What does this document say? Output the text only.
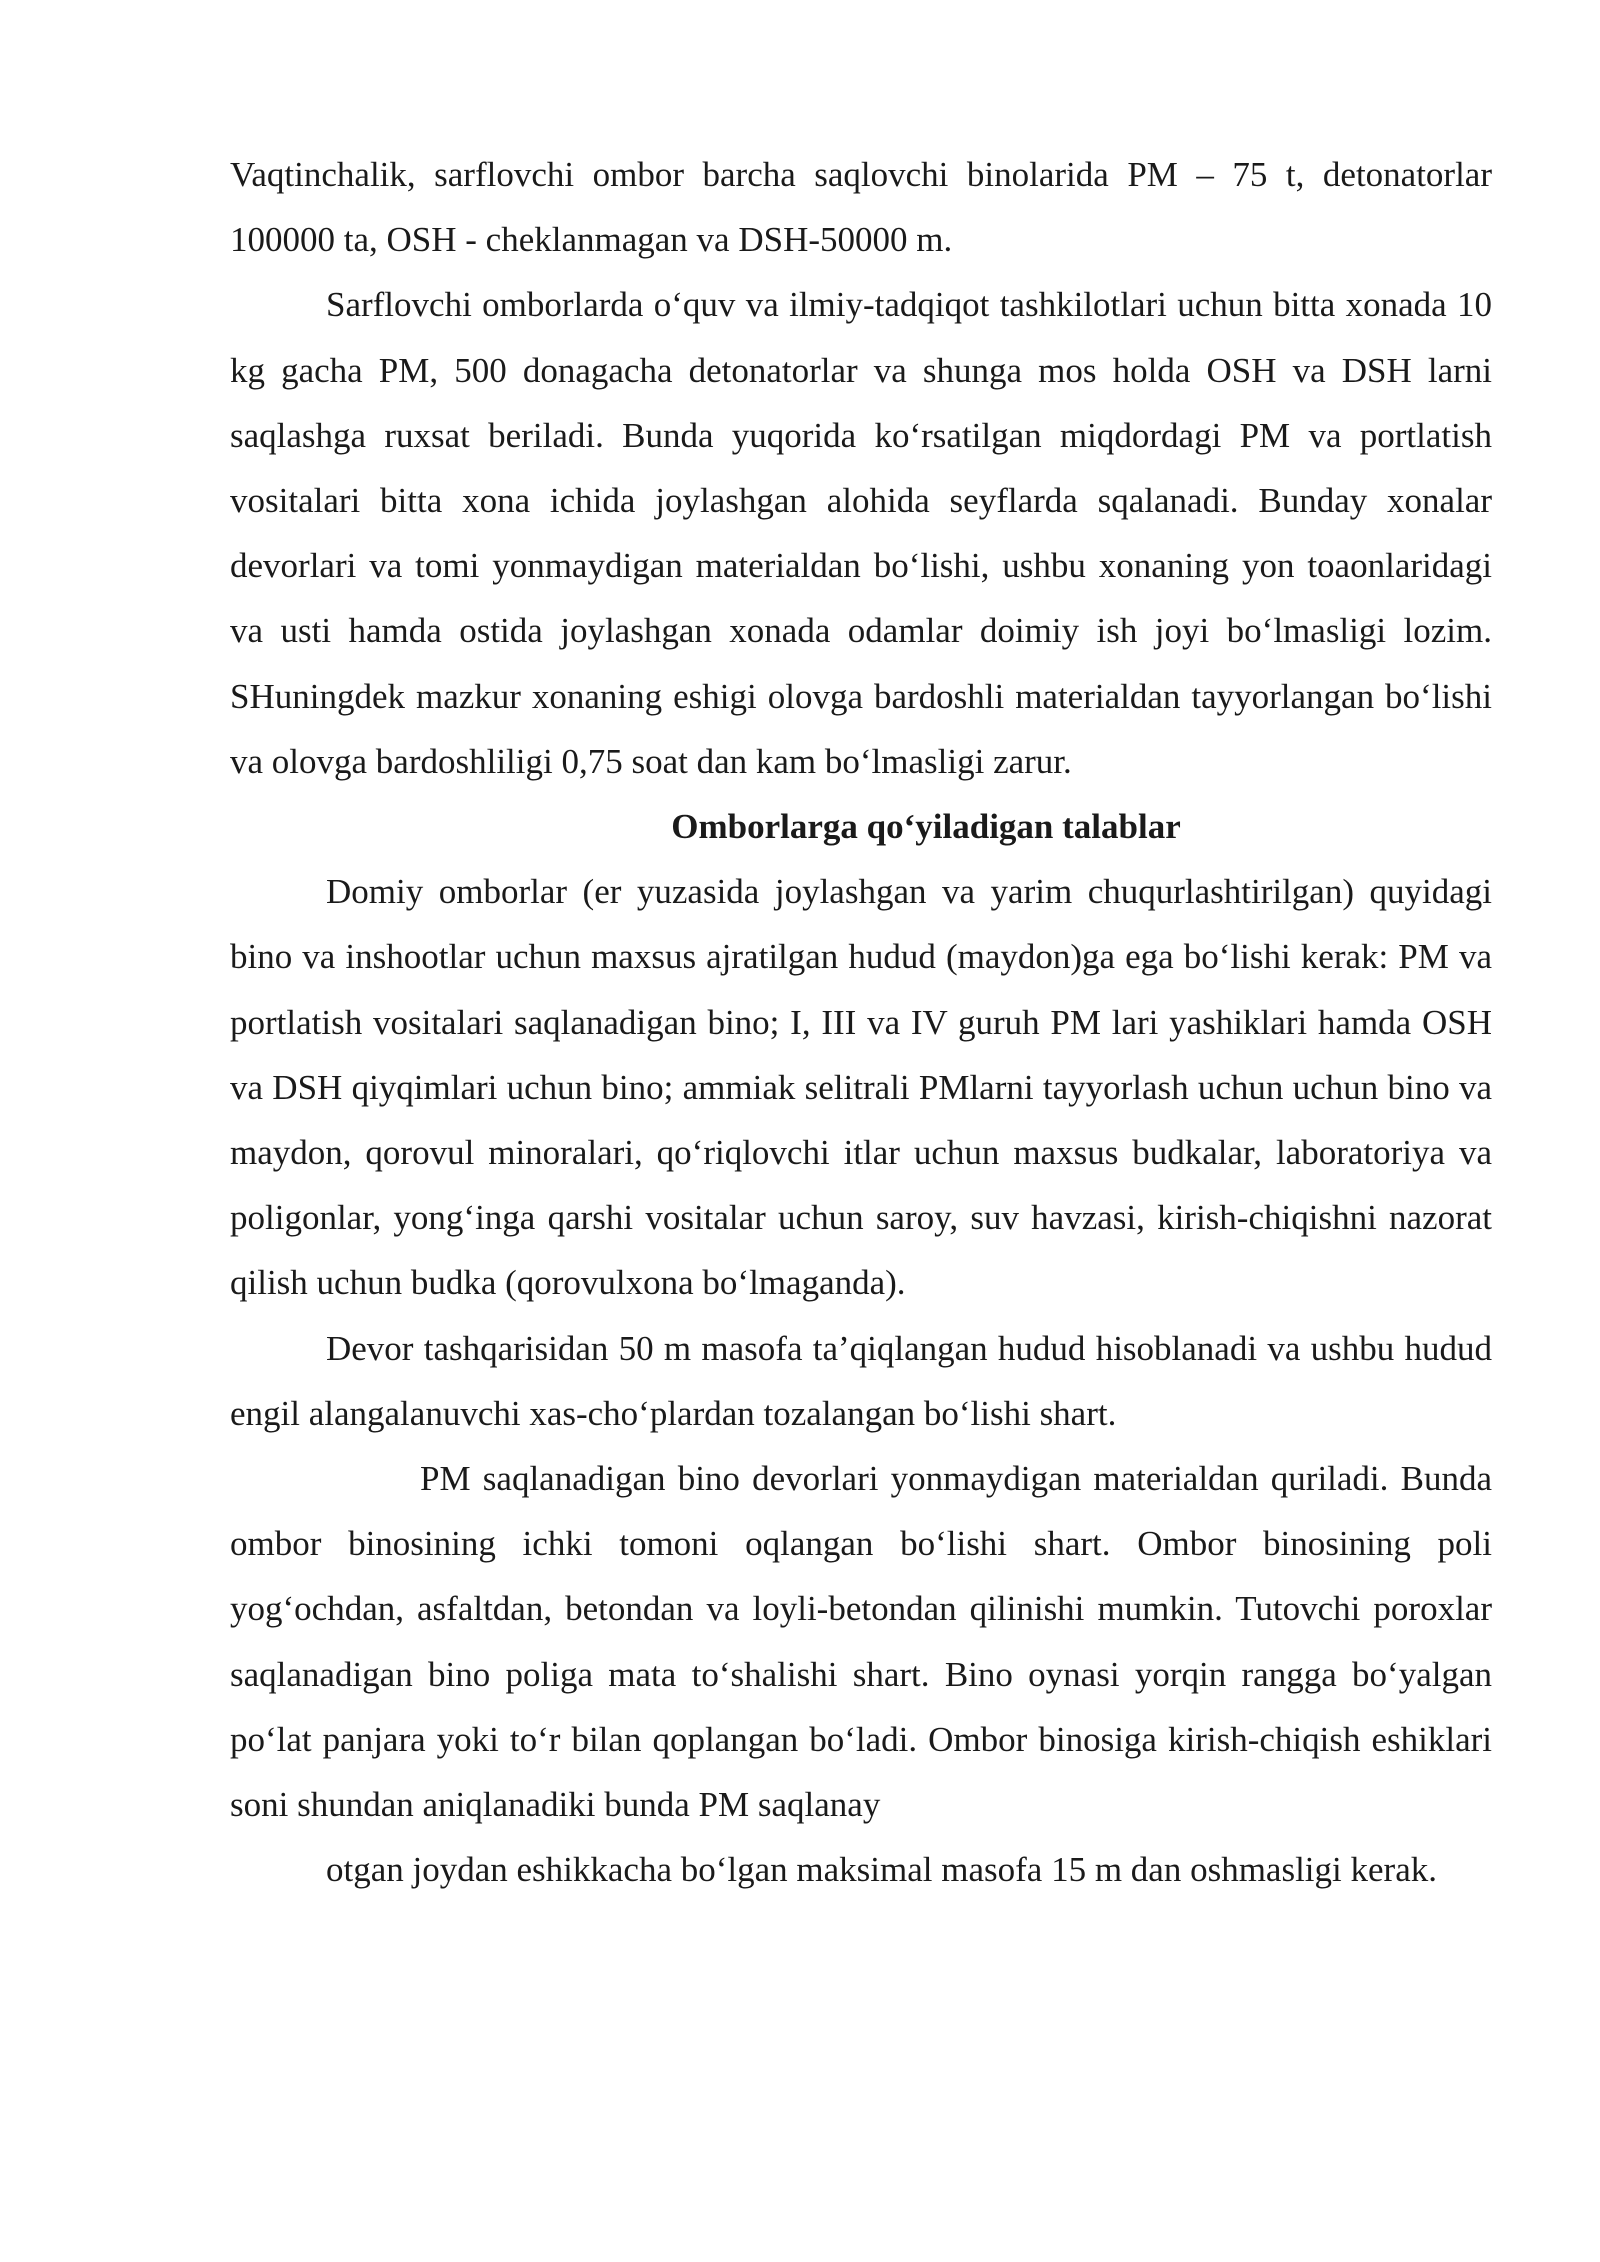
Vaqtinchalik, sarflovchi ombor barcha saqlovchi binolarida PM – 75 t, detonatorlar 100000 ta, OSH - cheklanmagan va DSH-50000 m.

Sarflovchi omborlarda o‘quv va ilmiy-tadqiqot tashkilotlari uchun bitta xonada 10 kg gacha PM, 500 donagacha detonatorlar va shunga mos holda OSH va DSH larni saqlashga ruxsat beriladi. Bunda yuqorida ko‘rsatilgan miqdordagi PM va portlatish vositalari bitta xona ichida joylashgan alohida seyflarda sqalanadi. Bunday xonalar devorlari va tomi yonmaydigan materialdan bo‘lishi, ushbu xonaning yon toaonlaridagi va usti hamda ostida joylashgan xonada odamlar doimiy ish joyi bo‘lmasligi lozim. SHuningdek mazkur xonaning eshigi olovga bardoshli materialdan tayyorlangan bo‘lishi va olovga bardoshliligi 0,75 soat dan kam bo‘lmasligi zarur.

Omborlarga qo‘yiladigan talablar

Domiy omborlar (er yuzasida joylashgan va yarim chuqurlashtirilgan) quyidagi bino va inshootlar uchun maxsus ajratilgan hudud (maydon)ga ega bo‘lishi kerak: PM va portlatish vositalari saqlanadigan bino; I, III va IV guruh PM lari yashiklari hamda OSH va DSH qiyqimlari uchun bino; ammiak selitrali PMlarni tayyorlash uchun uchun bino va maydon, qorovul minoralari, qo‘riqlovchi itlar uchun maxsus budkalar, laboratoriya va poligonlar, yong‘inga qarshi vositalar uchun saroy, suv havzasi, kirish-chiqishni nazorat qilish uchun budka (qorovulxona bo‘lmaganda).

Devor tashqarisidan 50 m masofa ta’qiqlangan hudud hisoblanadi va ushbu hudud engil alangalanuvchi xas-cho‘plardan tozalangan bo‘lishi shart.

PM saqlanadigan bino devorlari yonmaydigan materialdan quriladi. Bunda ombor binosining ichki tomoni oqlangan bo‘lishi shart. Ombor binosining poli yog‘ochdan, asfaltdan, betondan va loyli-betondan qilinishi mumkin. Tutovchi poroxlar saqlanadigan bino poliga mata to‘shalishi shart. Bino oynasi yorqin rangga bo‘yalgan po‘lat panjara yoki to‘r bilan qoplangan bo‘ladi. Ombor binosiga kirish-chiqish eshiklari soni shundan aniqlanadiki bunda PM saqlanay

otgan joydan eshikkacha bo‘lgan maksimal masofa 15 m dan oshmasligi kerak.
